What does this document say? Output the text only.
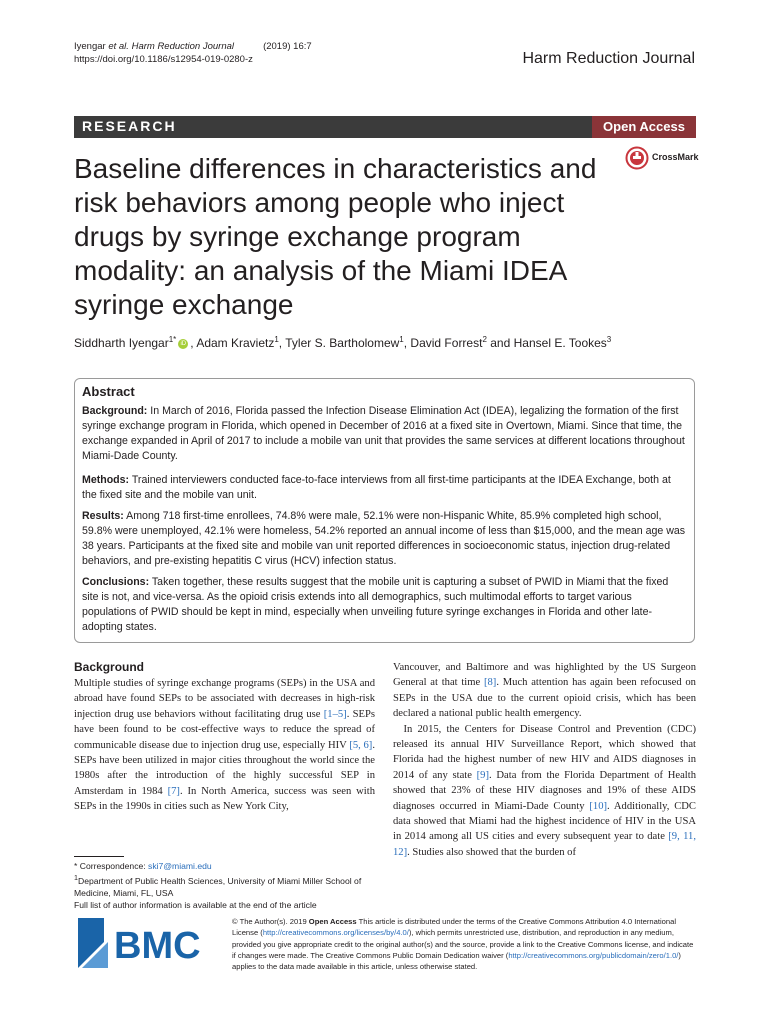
Iyengar et al. Harm Reduction Journal	(2019) 16:7
https://doi.org/10.1186/s12954-019-0280-z	Harm Reduction Journal
RESEARCH	Open Access
Baseline differences in characteristics and risk behaviors among people who inject drugs by syringe exchange program modality: an analysis of the Miami IDEA syringe exchange
CrossMark
Siddharth Iyengar$^{1*}$ iD , Adam Kravietz$^1$, Tyler S. Bartholomew$^1$, David Forrest$^2$ and Hansel E. Tookes$^3$
Abstract
Background: In March of 2016, Florida passed the Infection Disease Elimination Act (IDEA), legalizing the formation of the first syringe exchange program in Florida, which opened in December of 2016 at a fixed site in Overtown, Miami. Since that time, the exchange expanded in April of 2017 to include a mobile van unit that provides the same services at different locations throughout Miami-Dade County.
Methods: Trained interviewers conducted face-to-face interviews from all first-time participants at the IDEA Exchange, both at the fixed site and the mobile van unit.
Results: Among 718 first-time enrollees, 74.8% were male, 52.1% were non-Hispanic White, 85.9% completed high school, 59.8% were unemployed, 42.1% were homeless, 54.2% reported an annual income of less than $15,000, and the mean age was 38 years. Participants at the fixed site and mobile van unit reported differences in socioeconomic status, injection drug-related behaviors, and pre-existing hepatitis C virus (HCV) infection status.
Conclusions: Taken together, these results suggest that the mobile unit is capturing a subset of PWID in Miami that the fixed site is not, and vice-versa. As the opioid crisis extends into all demographics, such multimodal efforts to target various populations of PWID should be kept in mind, especially when unveiling future syringe exchanges in Florida and other late-adopting states.
Background
Multiple studies of syringe exchange programs (SEPs) in the USA and abroad have found SEPs to be associated with decreases in high-risk injection drug use behaviors without facilitating drug use [1–5]. SEPs have been found to be cost-effective ways to reduce the spread of communicable disease due to injection drug use, especially HIV [5, 6]. SEPs have been utilized in major cities throughout the world since the 1980s after the introduction of the highly successful SEP in Amsterdam in 1984 [7]. In North America, success was seen with SEPs in the 1990s in cities such as New York City,
Vancouver, and Baltimore and was highlighted by the US Surgeon General at that time [8]. Much attention has again been refocused on SEPs in the USA due to the current opioid crisis, which has been declared a national public health emergency.
In 2015, the Centers for Disease Control and Prevention (CDC) released its annual HIV Surveillance Report, which showed that Florida had the highest number of new HIV and AIDS diagnoses in 2014 of any state [9]. Data from the Florida Department of Health showed that 23% of these HIV diagnoses and 19% of these AIDS diagnoses occurred in Miami-Dade County [10]. Additionally, CDC data showed that Miami had the highest incidence of HIV in the USA in 2014 among all US cities and every subsequent year to date [9, 11, 12]. Studies also showed that the burden of
* Correspondence: ski7@miami.edu
$^1$Department of Public Health Sciences, University of Miami Miller School of Medicine, Miami, FL, USA
Full list of author information is available at the end of the article
BMC
© The Author(s). 2019 Open Access This article is distributed under the terms of the Creative Commons Attribution 4.0 International License (http://creativecommons.org/licenses/by/4.0/), which permits unrestricted use, distribution, and reproduction in any medium, provided you give appropriate credit to the original author(s) and the source, provide a link to the Creative Commons license, and indicate if changes were made. The Creative Commons Public Domain Dedication waiver (http://creativecommons.org/publicdomain/zero/1.0/) applies to the data made available in this article, unless otherwise stated.
